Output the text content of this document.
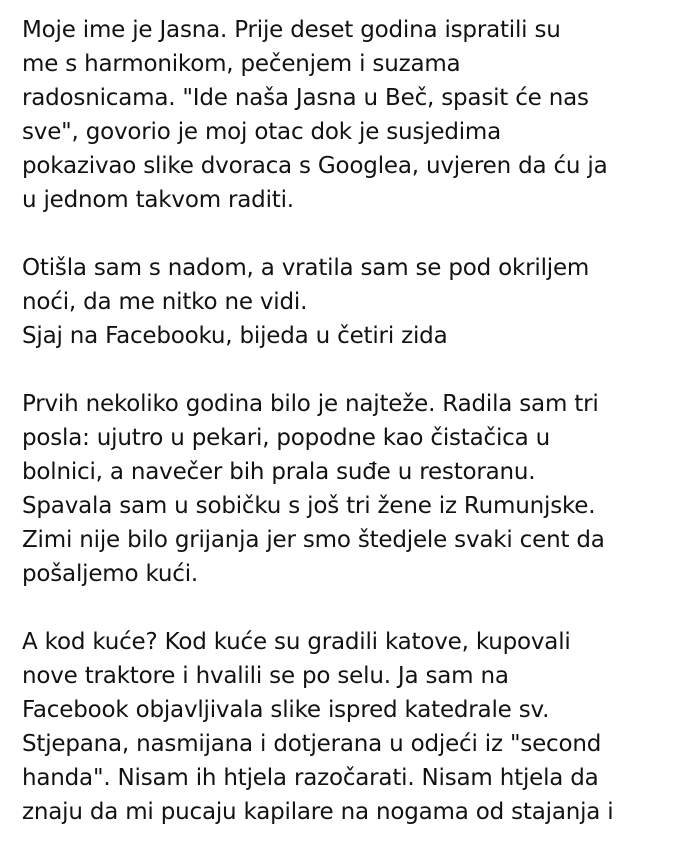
Moje ime je Jasna. Prije deset godina ispratili su
me s harmonikom, pečenjem i suzama
radosnicama. "Ide naša Jasna u Beč, spasit će nas
sve", govorio je moj otac dok je susjedima
pokazivao slike dvoraca s Googlea, uvjeren da ću ja
u jednom takvom raditi.
Otišla sam s nadom, a vratila sam se pod okriljem
noći, da me nitko ne vidi.
Sjaj na Facebooku, bijeda u četiri zida
Prvih nekoliko godina bilo je najteže. Radila sam tri
posla: ujutro u pekari, popodne kao čistačica u
bolnici, a navečer bih prala suđe u restoranu.
Spavala sam u sobičku s još tri žene iz Rumunjske.
Zimi nije bilo grijanja jer smo štedjele svaki cent da
pošaljemo kući.
A kod kuće? Kod kuće su gradili katove, kupovali
nove traktore i hvalili se po selu. Ja sam na
Facebook objavljivala slike ispred katedrale sv.
Stjepana, nasmijana i dotjerana u odjeći iz "second
handa". Nisam ih htjela razočarati. Nisam htjela da
znaju da mi pucaju kapilare na nogama od stajanja i
